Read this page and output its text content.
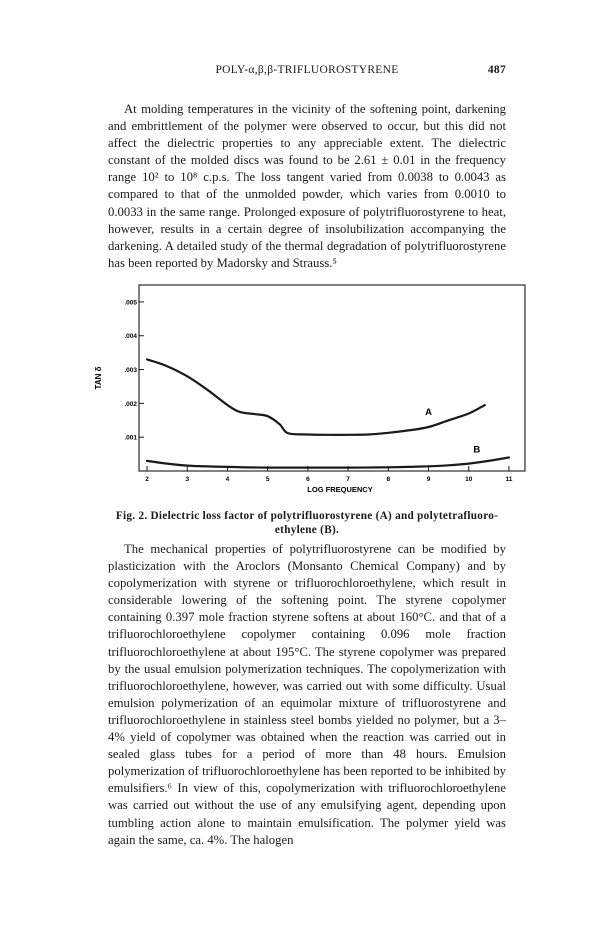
POLY-α,β,β-TRIFLUOROSTYRENE	487

At molding temperatures in the vicinity of the softening point, darkening and embrittlement of the polymer were observed to occur, but this did not affect the dielectric properties to any appreciable extent. The dielectric constant of the molded discs was found to be 2.61 ± 0.01 in the frequency range 10² to 10⁸ c.p.s. The loss tangent varied from 0.0038 to 0.0043 as compared to that of the unmolded powder, which varies from 0.0010 to 0.0033 in the same range. Prolonged exposure of polytrifluorostyrene to heat, however, results in a certain degree of insolubilization accompanying the darkening. A detailed study of the thermal degradation of polytrifluorostyrene has been reported by Madorsky and Strauss.⁵

.001
.002
.003
.004
.005
2	3	4	5	6	7	8	9	10	11
A
B
TAN δ
LOG FREQUENCY
Fig. 2. Dielectric loss factor of polytrifluorostyrene (A) and polytetrafluoro-ethylene (B).

The mechanical properties of polytrifluorostyrene can be modified by plasticization with the Aroclors (Monsanto Chemical Company) and by copolymerization with styrene or trifluorochloroethylene, which result in considerable lowering of the softening point. The styrene copolymer containing 0.397 mole fraction styrene softens at about 160°C. and that of a trifluorochloroethylene copolymer containing 0.096 mole fraction trifluorochloroethylene at about 195°C. The styrene copolymer was prepared by the usual emulsion polymerization techniques. The copolymerization with trifluorochloroethylene, however, was carried out with some difficulty. Usual emulsion polymerization of an equimolar mixture of trifluorostyrene and trifluorochloroethylene in stainless steel bombs yielded no polymer, but a 3–4% yield of copolymer was obtained when the reaction was carried out in sealed glass tubes for a period of more than 48 hours. Emulsion polymerization of trifluorochloroethylene has been reported to be inhibited by emulsifiers.⁶ In view of this, copolymerization with trifluorochloroethylene was carried out without the use of any emulsifying agent, depending upon tumbling action alone to maintain emulsification. The polymer yield was again the same, ca. 4%. The halogen
